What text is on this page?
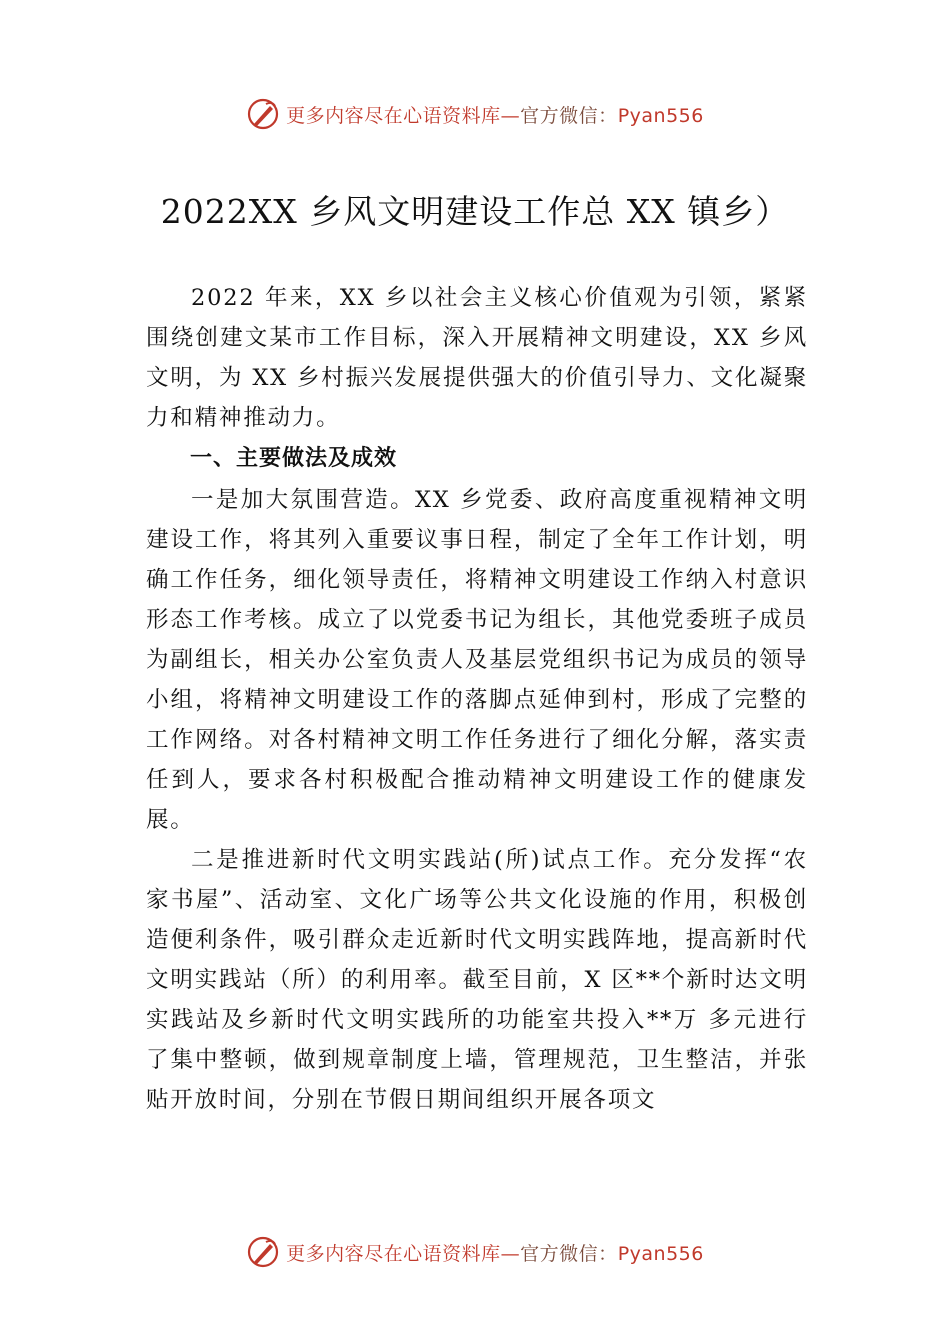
更多内容尽在心语资料库—官方微信：Pyan556
2022XX 乡风文明建设工作总 XX 镇乡）

2022 年来，XX 乡以社会主义核心价值观为引领，紧紧围绕创建文某市工作目标，深入开展精神文明建设，XX 乡风文明，为 XX 乡村振兴发展提供强大的价值引导力、文化凝聚力和精神推动力。

一、主要做法及成效

一是加大氛围营造。XX 乡党委、政府高度重视精神文明建设工作，将其列入重要议事日程，制定了全年工作计划，明确工作任务，细化领导责任，将精神文明建设工作纳入村意识形态工作考核。成立了以党委书记为组长，其他党委班子成员为副组长，相关办公室负责人及基层党组织书记为成员的领导小组，将精神文明建设工作的落脚点延伸到村，形成了完整的工作网络。对各村精神文明工作任务进行了细化分解，落实责任到人，要求各村积极配合推动精神文明建设工作的健康发展。

二是推进新时代文明实践站(所)试点工作。充分发挥“农家书屋”、活动室、文化广场等公共文化设施的作用，积极创造便利条件，吸引群众走近新时代文明实践阵地，提高新时代文明实践站（所）的利用率。截至目前，X 区**个新时达文明实践站及乡新时代文明实践所的功能室共投入**万 多元进行了集中整顿，做到规章制度上墙，管理规范，卫生整洁，并张贴开放时间，分别在节假日期间组织开展各项文

更多内容尽在心语资料库—官方微信：Pyan556
